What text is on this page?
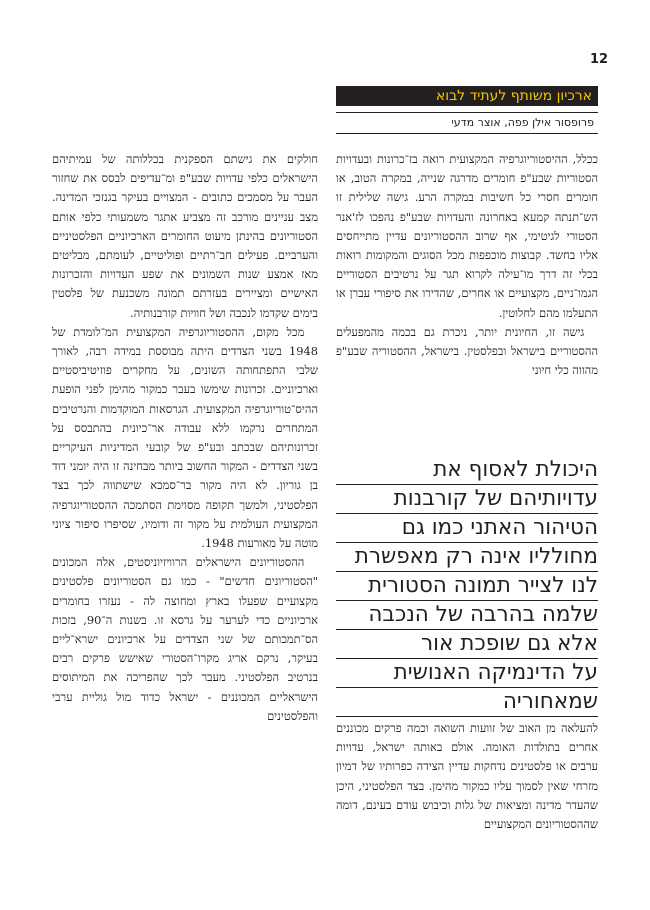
12
ארכיון משותף לעתיד לבוא
פרופסור אילן פפה, אוצר מדעי

ככלל, ההיסטוריוגרפיה המקצועית רואה בז־כרונות ובעדויות הסטוריות שבע"פ חומרים מדרגה שנייה, במקרה הטוב, או חומרים חסרי כל חשיבות במקרה הרע. גישה שלילית זו הש־תנתה קמעא באחרונה והעדויות שבע"פ נהפכו לז'אנר הסטורי לגיטימי, אף שרוב ההסטוריונים עדיין מתייחסים אליו בחשד. קבוצות מוכפפות מכל הסוגים והמקומות רואות בכלי זה דרך מו־עילה לקרוא תגר על נרטיבים הסטוריים הגמו־ניים, מקצועיים או אחרים, שהדירו את סיפורי עברן או התעלמו מהם לחלוטין.

גישה זו, החיונית יותר, ניכרת גם בכמה מהמפעלים ההסטוריים בישראל ובפלסטין. בישראל, ההסטוריה שבע"פ מהווה כלי חיוני

היכולת לאסוף את
עדויותיהם של קורבנות
הטיהור האתני כמו גם
מחולליו אינה רק מאפשרת
לנו לצייר תמונה הסטורית
שלמה בהרבה של הנכבה
אלא גם שופכת אור
על הדינמיקה האנושית
שמאחוריה

להעלאה מן האוב של זוועות השואה וכמה פרקים מכוננים אחרים בתולדות האומה. אולם באותה ישראל, עדויות ערבים או פלסטינים נדחקות עדיין הצידה כפרותיו של דמיון מזרחי שאין לסמוך עליו כמקור מהימן. בצד הפלסטיני, היכן שהעדר מדינה ומציאות של גלות וכיבוש עודם בעינם, דומה שההסטוריונים המקצועיים

חולקים את גישתם הספקנית בכללותה של עמיתיהם הישראלים כלפי עדויות שבע"פ ומ־עדיפים לבסס את שחזור העבר על מסמכים כתובים - המצויים בעיקר בגנזכי המדינה. מצב עניינים מורכב זה מצביע אתגר משמעותי כלפי אותם הסטוריונים בהינתן מיעוט החומרים הארכיוניים הפלסטיניים והערביים. פעילים חב־רתיים ופוליטיים, לעומתם, מבליטים מאז אמצע שנות השמונים את שפע העדויות והזכרונות האישיים ומציירים בעזרתם תמונה משכנעת של פלסטין בימים שקדמו לנכבה ושל חוויות קורבנותיה.

מכל מקום, ההסטוריוגרפיה המקצועית המ־לומדת של 1948 בשני הצדדים היתה מבוססת במידה רבה, לאורך שלבי התפתחותה השונים, על מחקרים פוזיטיביסטיים וארכיוניים. זכרונות שימשו בעבר כמקור מהימן לפני הופעת ההיס־טוריוגרפיה המקצועית. הגרסאות המוקדמות והנרטיבים המתחרים נרקמו ללא עבודה אר־כיונית בהתבסס על זכרונותיהם שבכתב ובע"פ של קובעי המדיניות העיקריים בשני הצדדים - המקור החשוב ביותר מבחינה זו היה יומני דוד בן גוריון. לא היה מקור בר־סמכא שישתווה לכך בצד הפלסטיני, ולמשך תקופה מסוימת הסתמכה ההסטוריוגרפיה המקצועית העולמית על מקור זה ודומיו, שסיפרו סיפור ציוני מוטה על מאורעות 1948.

ההסטוריונים הישראלים הרוויזיוניסטים, אלה המכונים "הסטוריונים חדשים" - כמו גם הסטוריונים פלסטינים מקצועיים שפעלו בארץ ומחוצה לה - נעזרו בחומרים ארכיוניים כדי לערער על גרסא זו. בשנות ה־90, בזכות הס־תמכותם של שני הצדדים על ארכיונים ישרא־ליים בעיקר, נרקם אריג מקרו־הסטורי שאישש פרקים רבים בנרטיב הפלסטיני. מעבר לכך שהפריכה את המיתוסים הישראליים המכוננים - ישראל כדוד מול גוליית ערבי והפלסטינים
